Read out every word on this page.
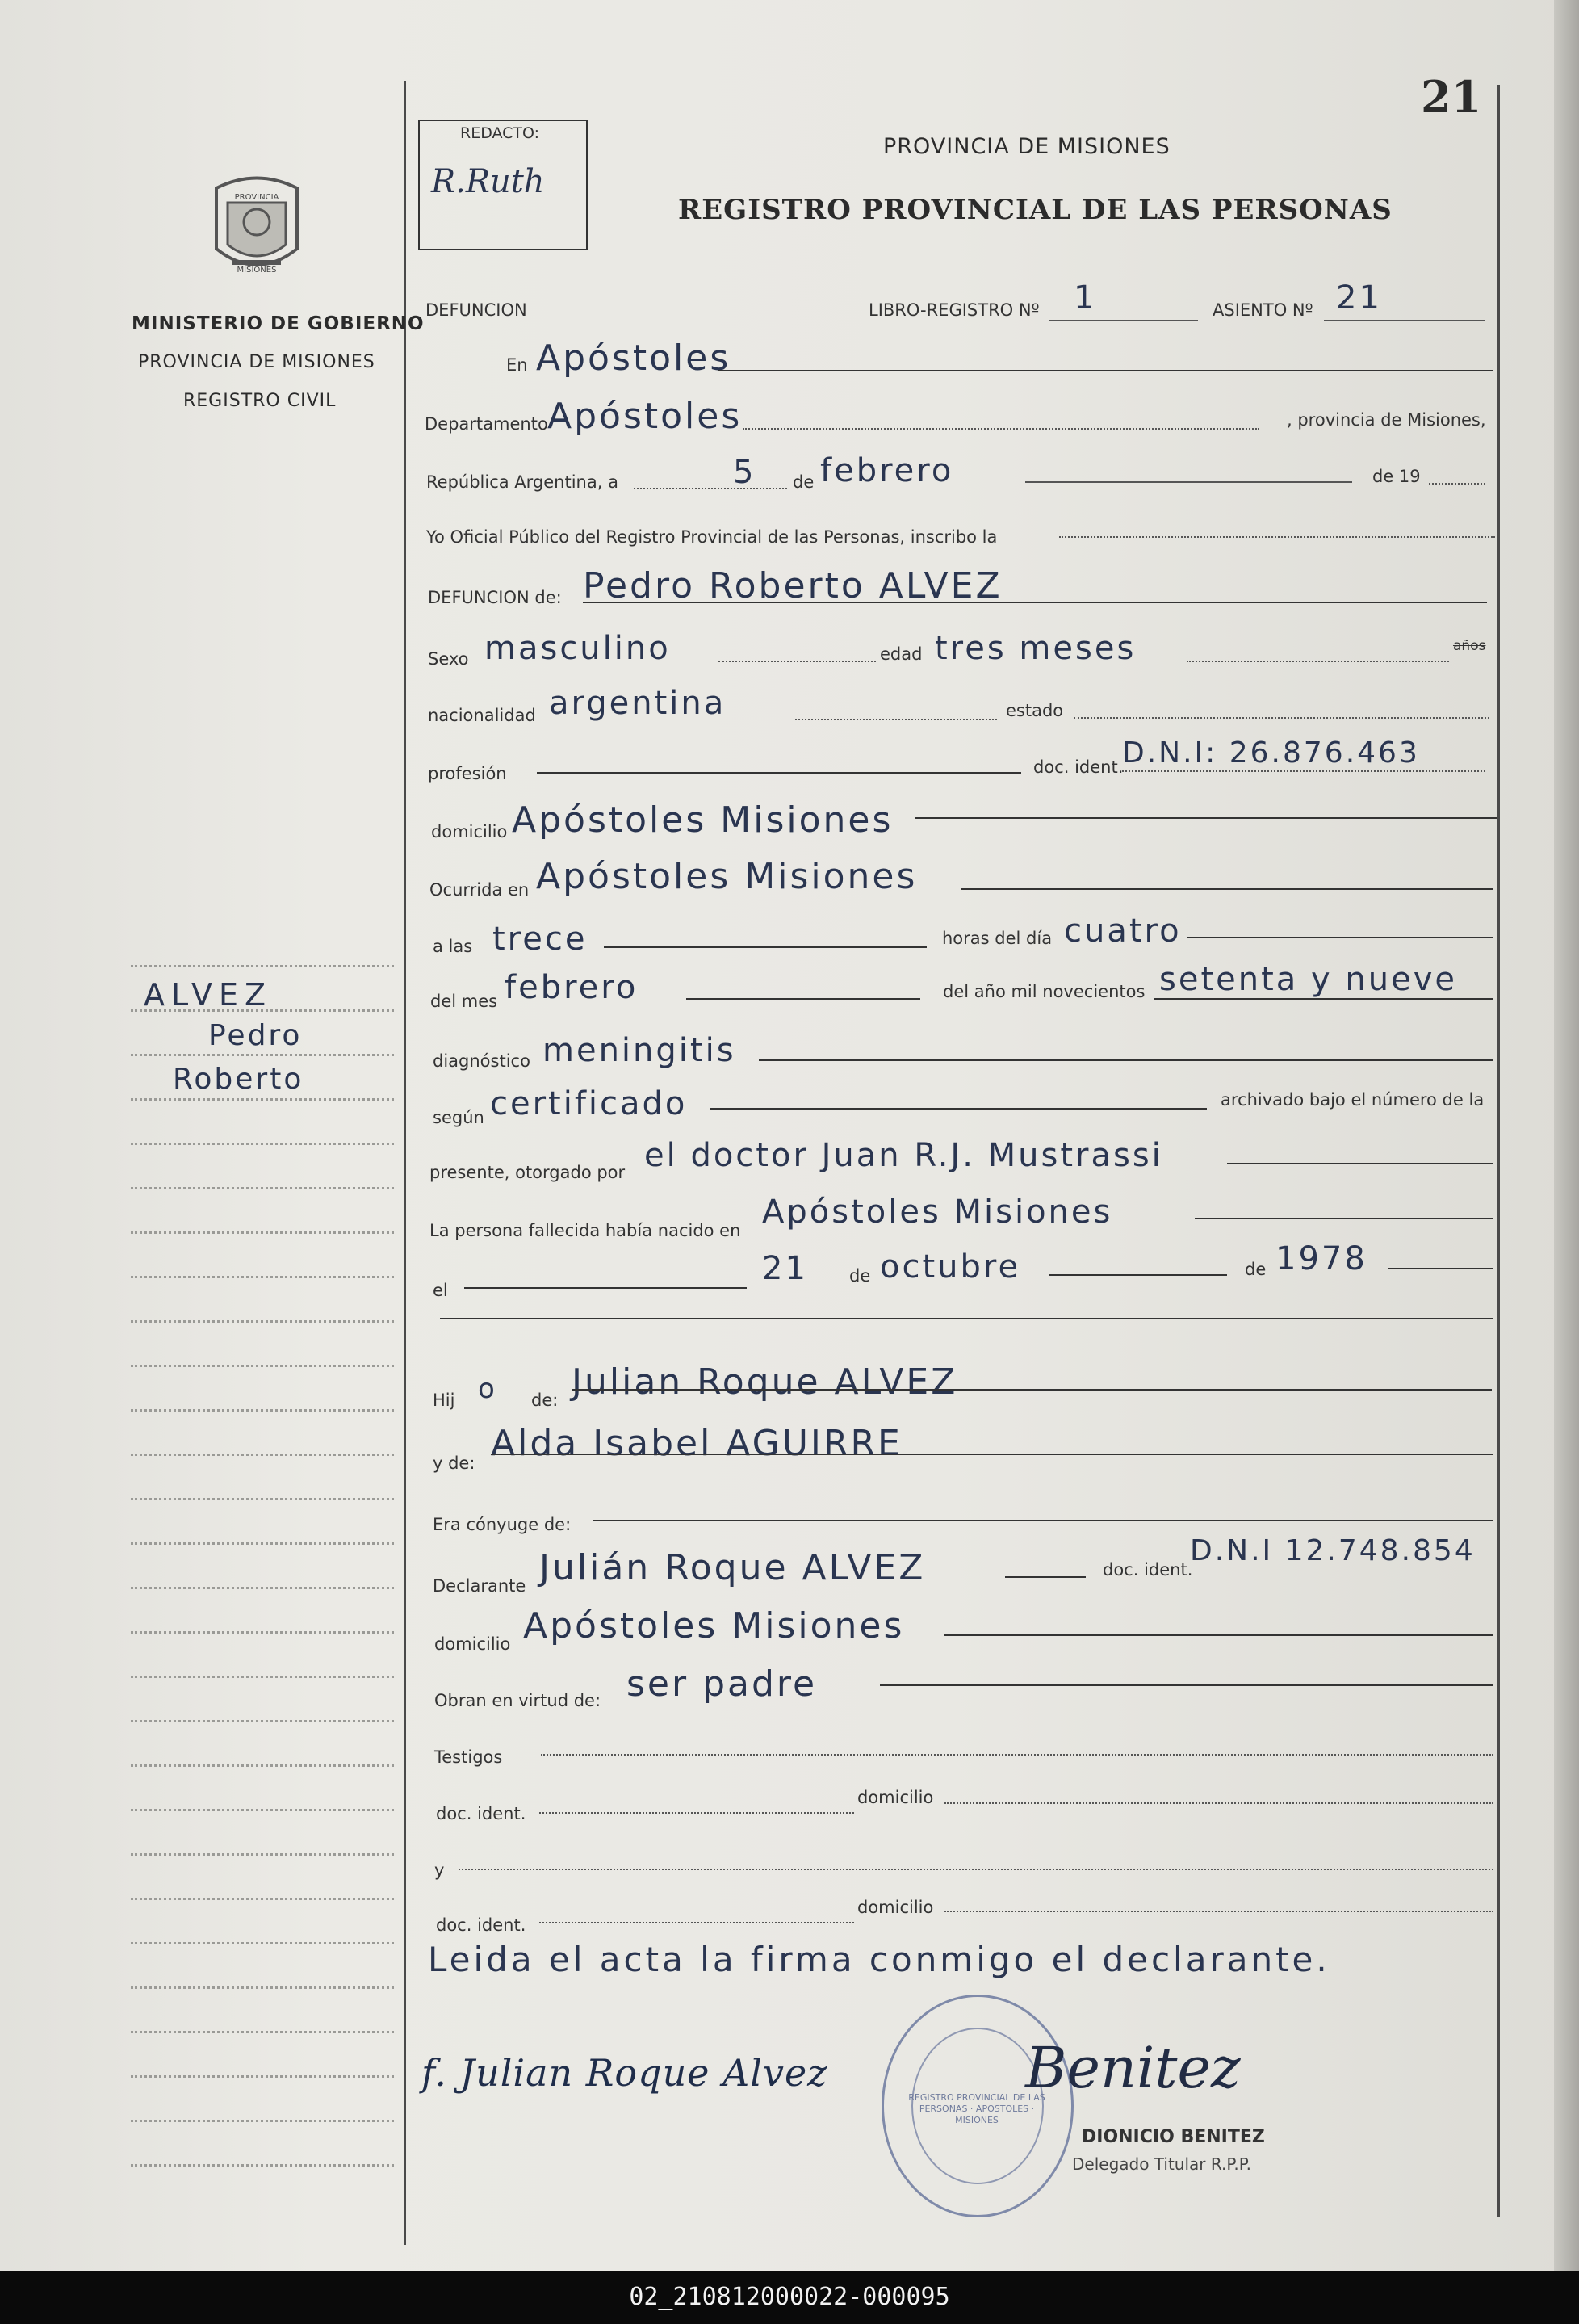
21
PROVINCIA
MISIONES
MINISTERIO DE GOBIERNO
PROVINCIA DE MISIONES
REGISTRO CIVIL
ALVEZ
Pedro
Roberto
REDACTO:
R.Ruth
PROVINCIA DE MISIONES
REGISTRO PROVINCIAL DE LAS PERSONAS
DEFUNCION	LIBRO-REGISTRO Nº 1	ASIENTO Nº 21
En Apóstoles
Departamento Apóstoles	, provincia de Misiones,
República Argentina, a	5 de febrero	de 19
Yo Oficial Público del Registro Provincial de las Personas, inscribo la
DEFUNCION de: Pedro Roberto ALVEZ
Sexo masculino	edad tres meses	años
nacionalidad argentina	estado
profesión	doc. ident.
D.N.I: 26.876.463
domicilio Apóstoles Misiones
Ocurrida en Apóstoles Misiones
a las trece	horas del día cuatro
del mes febrero	del año mil novecientos setenta y nueve
diagnóstico meningitis
según certificado	archivado bajo el número de la
presente, otorgado por el doctor Juan R.J. Mustrassi
La persona fallecida había nacido en Apóstoles Misiones
el
21 de octubre	de 1978
Hij o de: Julian Roque ALVEZ
y de: Alda Isabel AGUIRRE
Era cónyuge de:
Declarante Julián Roque ALVEZ	doc. ident.
D.N.I 12.748.854
domicilio Apóstoles Misiones
Obran en virtud de: ser padre
Testigos
doc. ident.
domicilio
y
doc. ident.
domicilio
Leida el acta la firma conmigo el declarante.
f. Julian Roque Alvez
REGISTRO PROVINCIAL DE LAS PERSONAS · APOSTOLES · MISIONES
Benitez
DIONICIO BENITEZ
Delegado Titular R.P.P.
02_210812000022-000095
